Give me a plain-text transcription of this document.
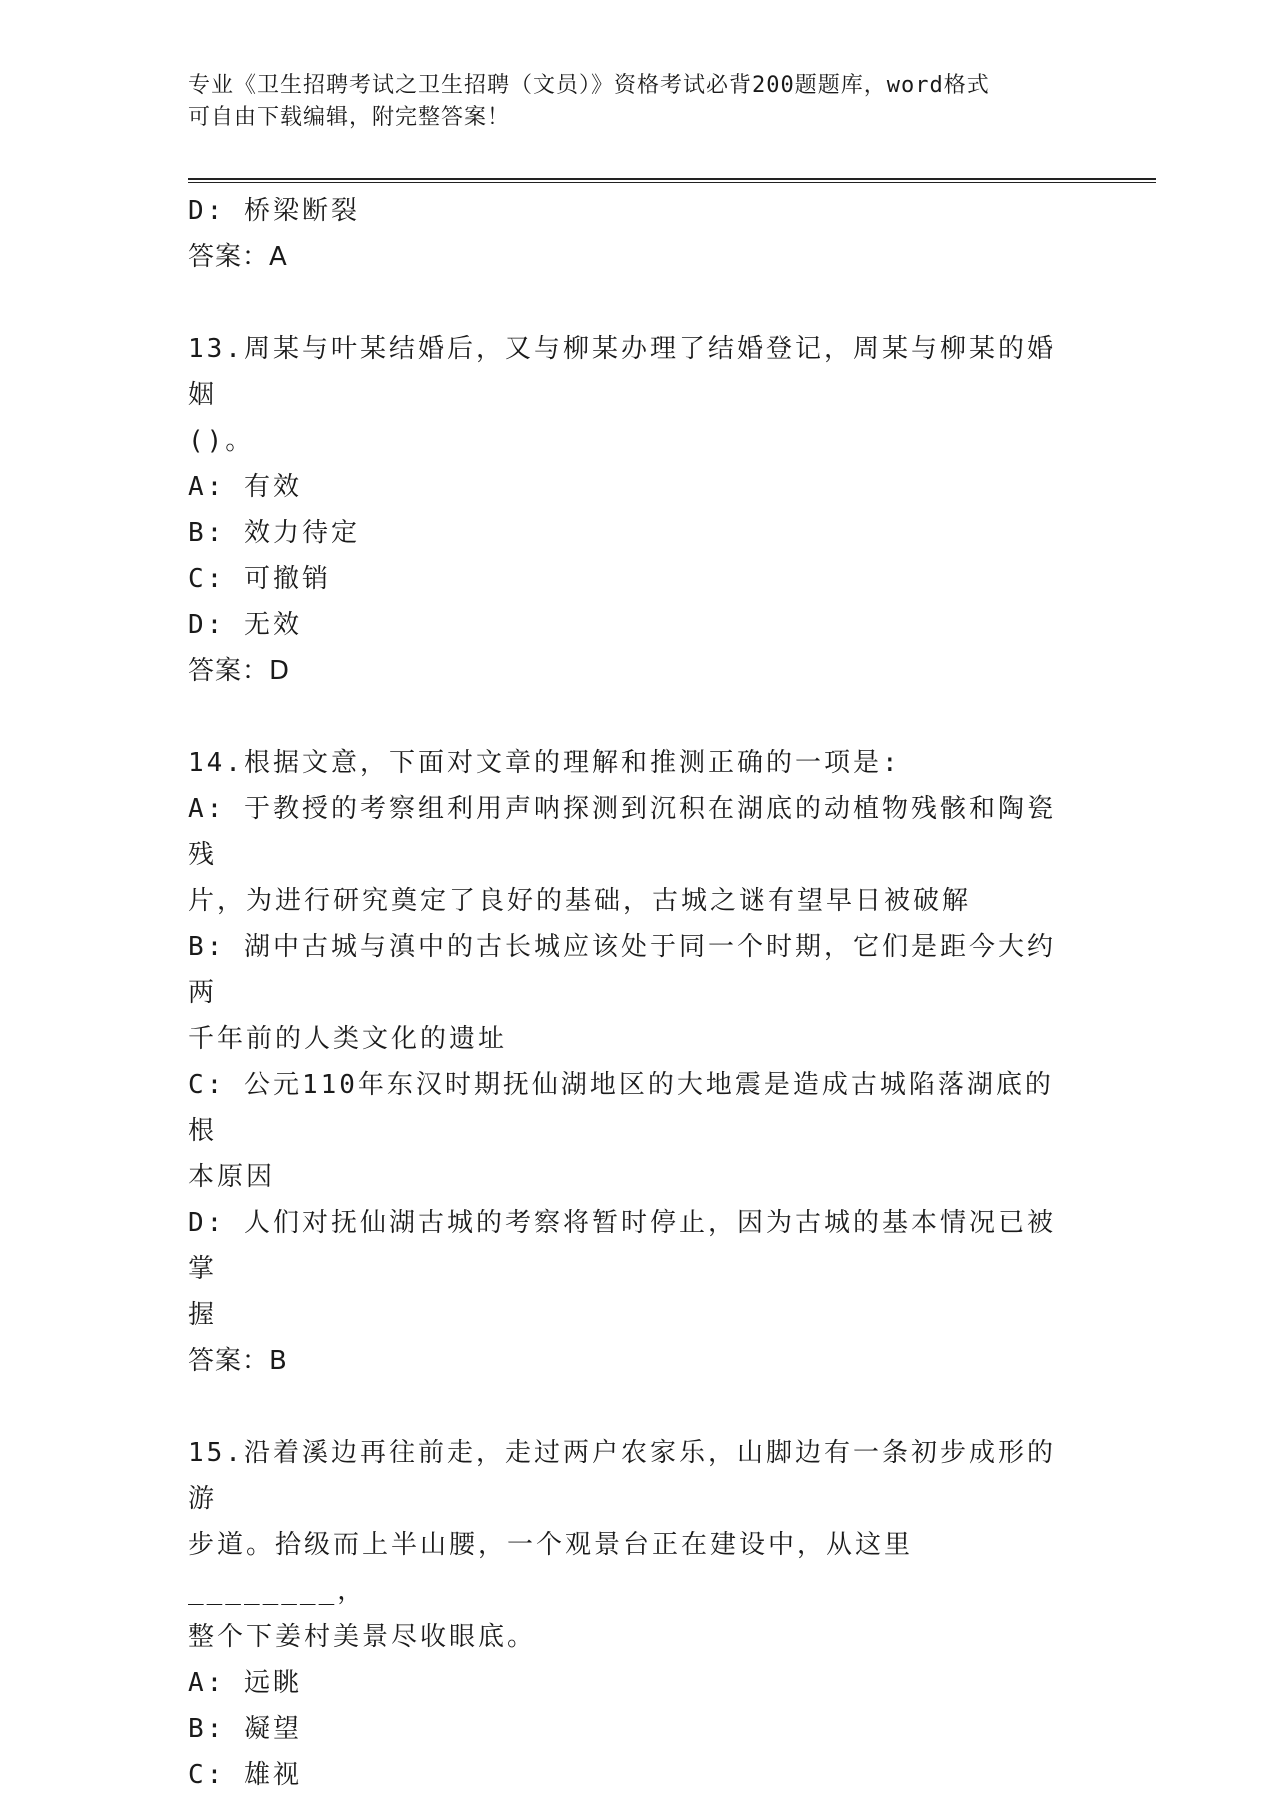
专业《卫生招聘考试之卫生招聘（文员）》资格考试必背200题题库，word格式
可自由下载编辑，附完整答案！
D: 桥梁断裂
答案：A
13.周某与叶某结婚后，又与柳某办理了结婚登记，周某与柳某的婚姻
()。
A: 有效
B: 效力待定
C: 可撤销
D: 无效
答案：D
14.根据文意，下面对文章的理解和推测正确的一项是:
A: 于教授的考察组利用声呐探测到沉积在湖底的动植物残骸和陶瓷残
片，为进行研究奠定了良好的基础，古城之谜有望早日被破解
B: 湖中古城与滇中的古长城应该处于同一个时期，它们是距今大约两
千年前的人类文化的遗址
C: 公元110年东汉时期抚仙湖地区的大地震是造成古城陷落湖底的根
本原因
D: 人们对抚仙湖古城的考察将暂时停止，因为古城的基本情况已被掌
握
答案：B
15.沿着溪边再往前走，走过两户农家乐，山脚边有一条初步成形的游
步道。拾级而上半山腰，一个观景台正在建设中，从这里________，
整个下姜村美景尽收眼底。
A: 远眺
B: 凝望
C: 雄视
